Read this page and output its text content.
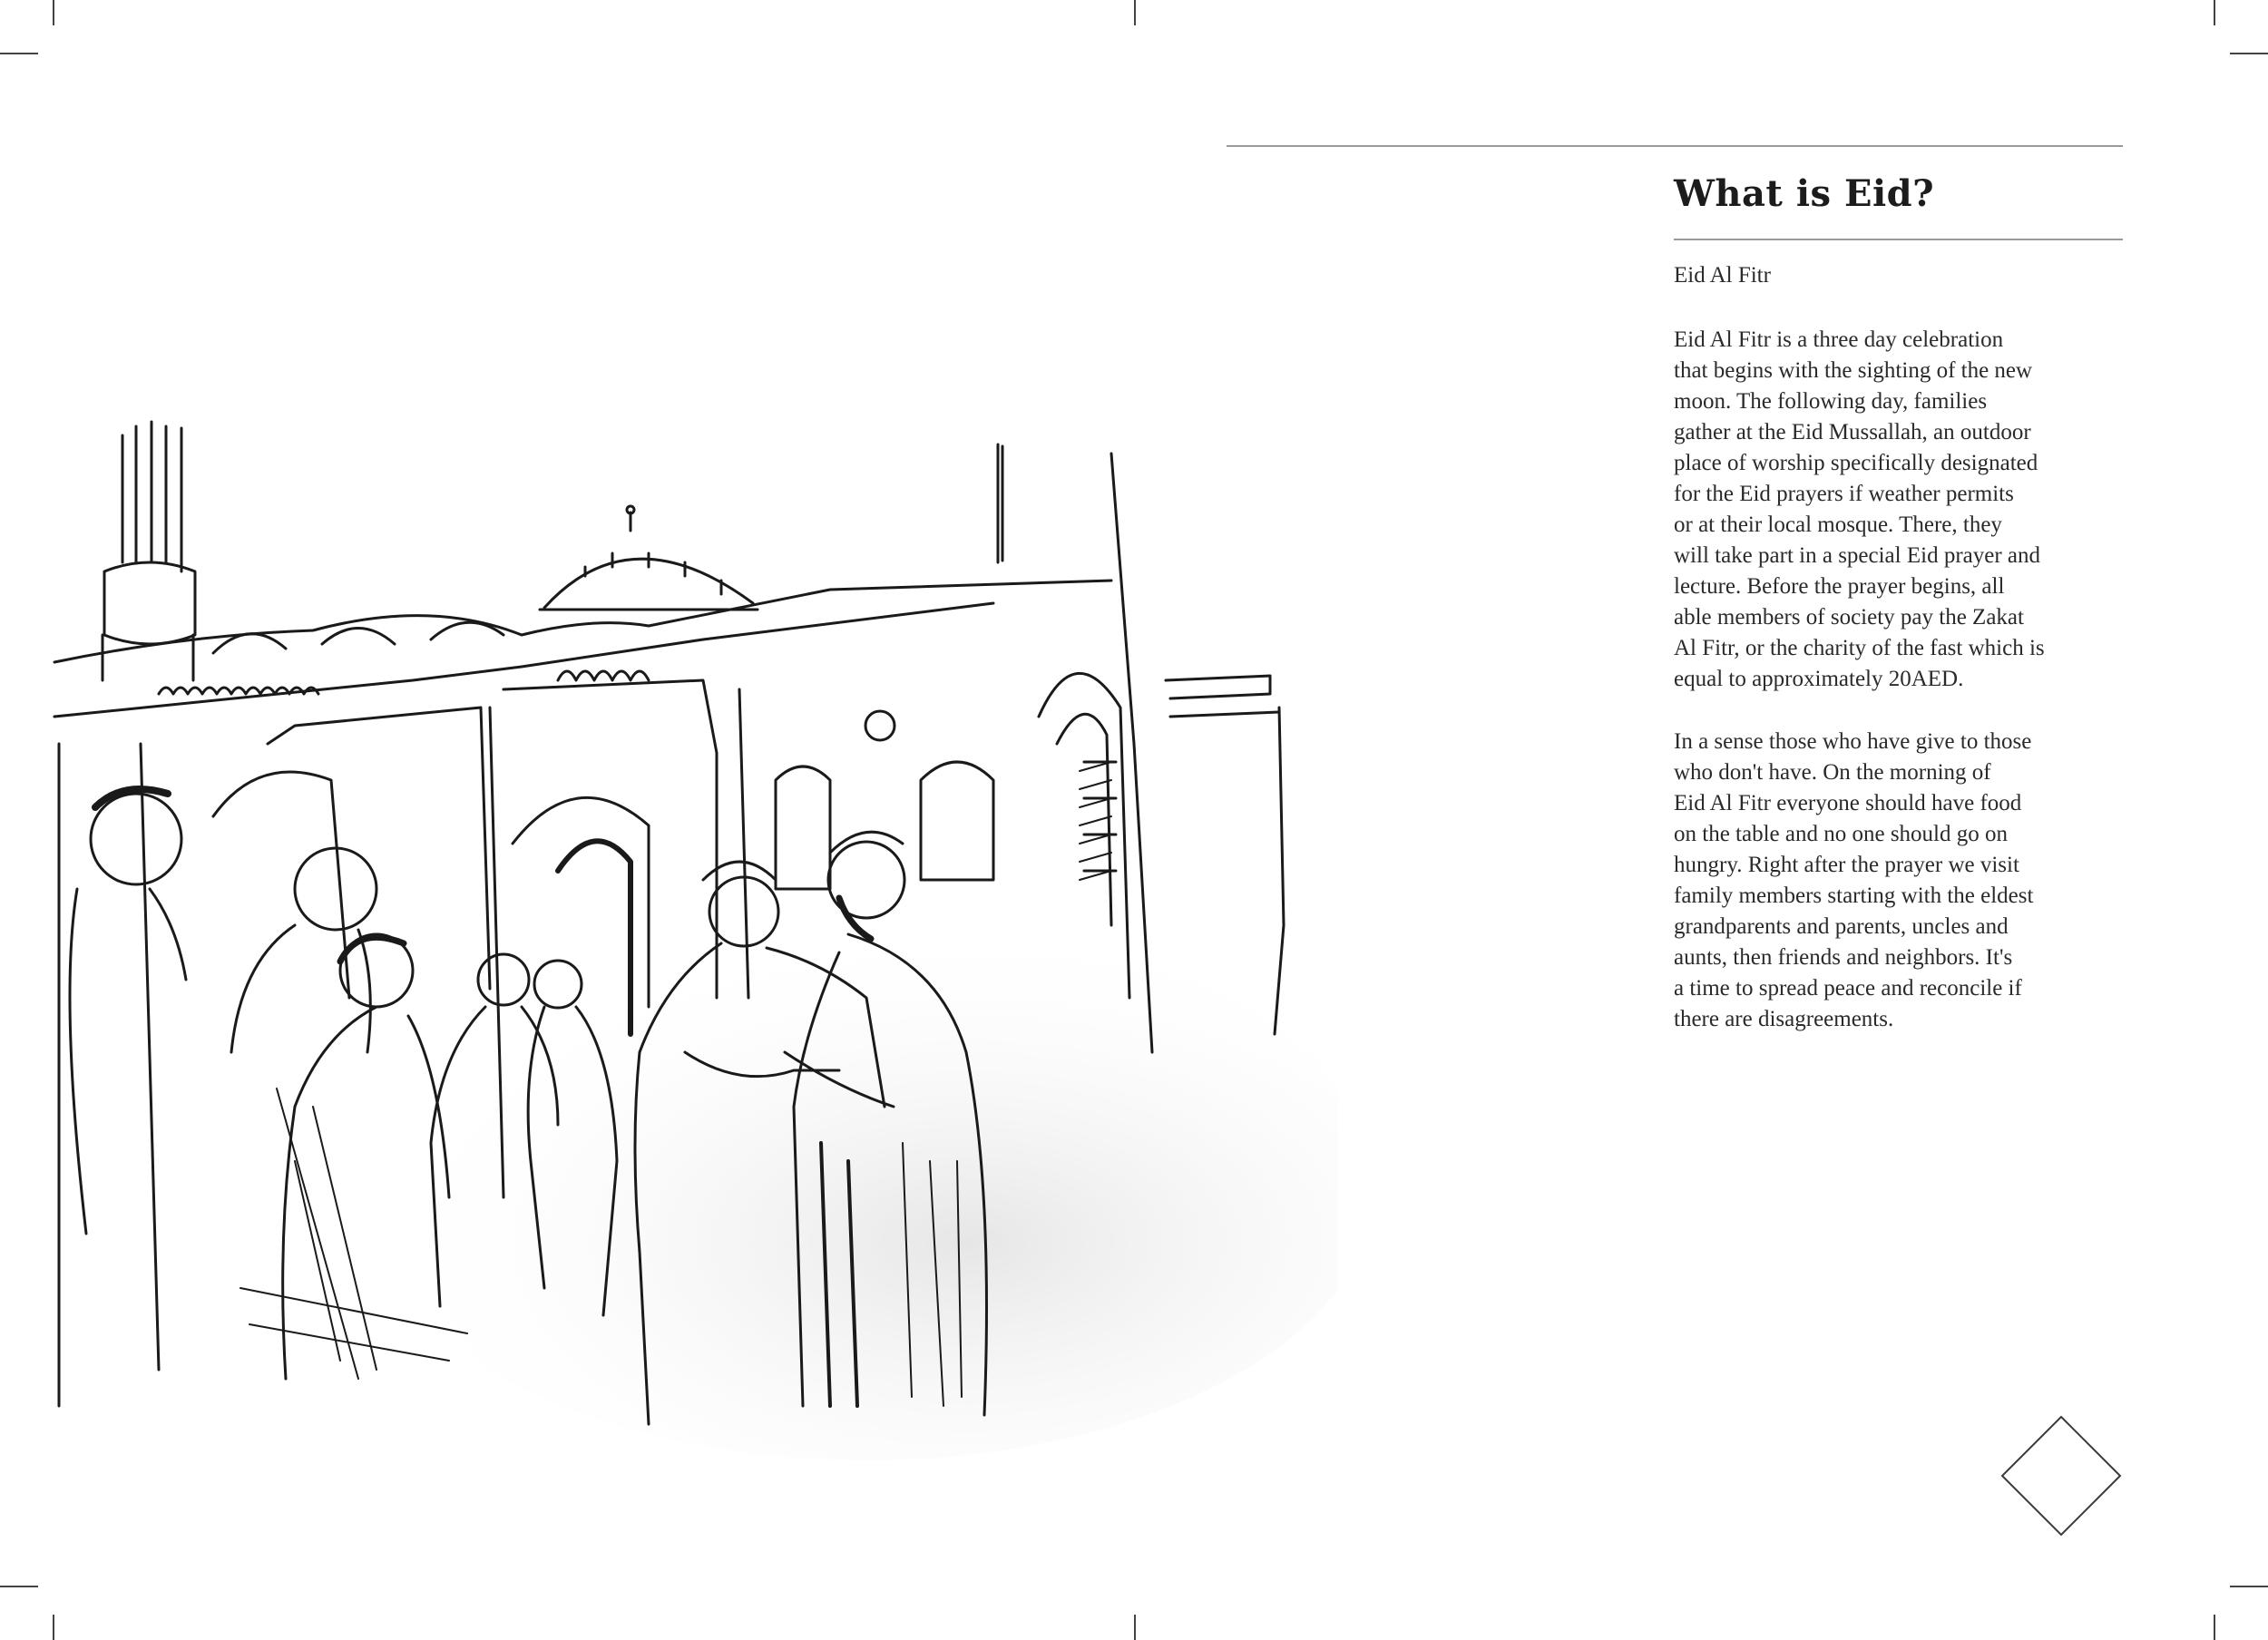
What is Eid?

Eid Al Fitr

Eid Al Fitr is a three day celebration
that begins with the sighting of the new
moon. The following day, families
gather at the Eid Mussallah, an outdoor
place of worship specifically designated
for the Eid prayers if weather permits
or at their local mosque. There, they
will take part in a special Eid prayer and
lecture. Before the prayer begins, all
able members of society pay the Zakat
Al Fitr, or the charity of the fast which is
equal to approximately 20AED.

In a sense those who have give to those
who don't have. On the morning of
Eid Al Fitr everyone should have food
on the table and no one should go on
hungry. Right after the prayer we visit
family members starting with the eldest
grandparents and parents, uncles and
aunts, then friends and neighbors. It's
a time to spread peace and reconcile if
there are disagreements.
